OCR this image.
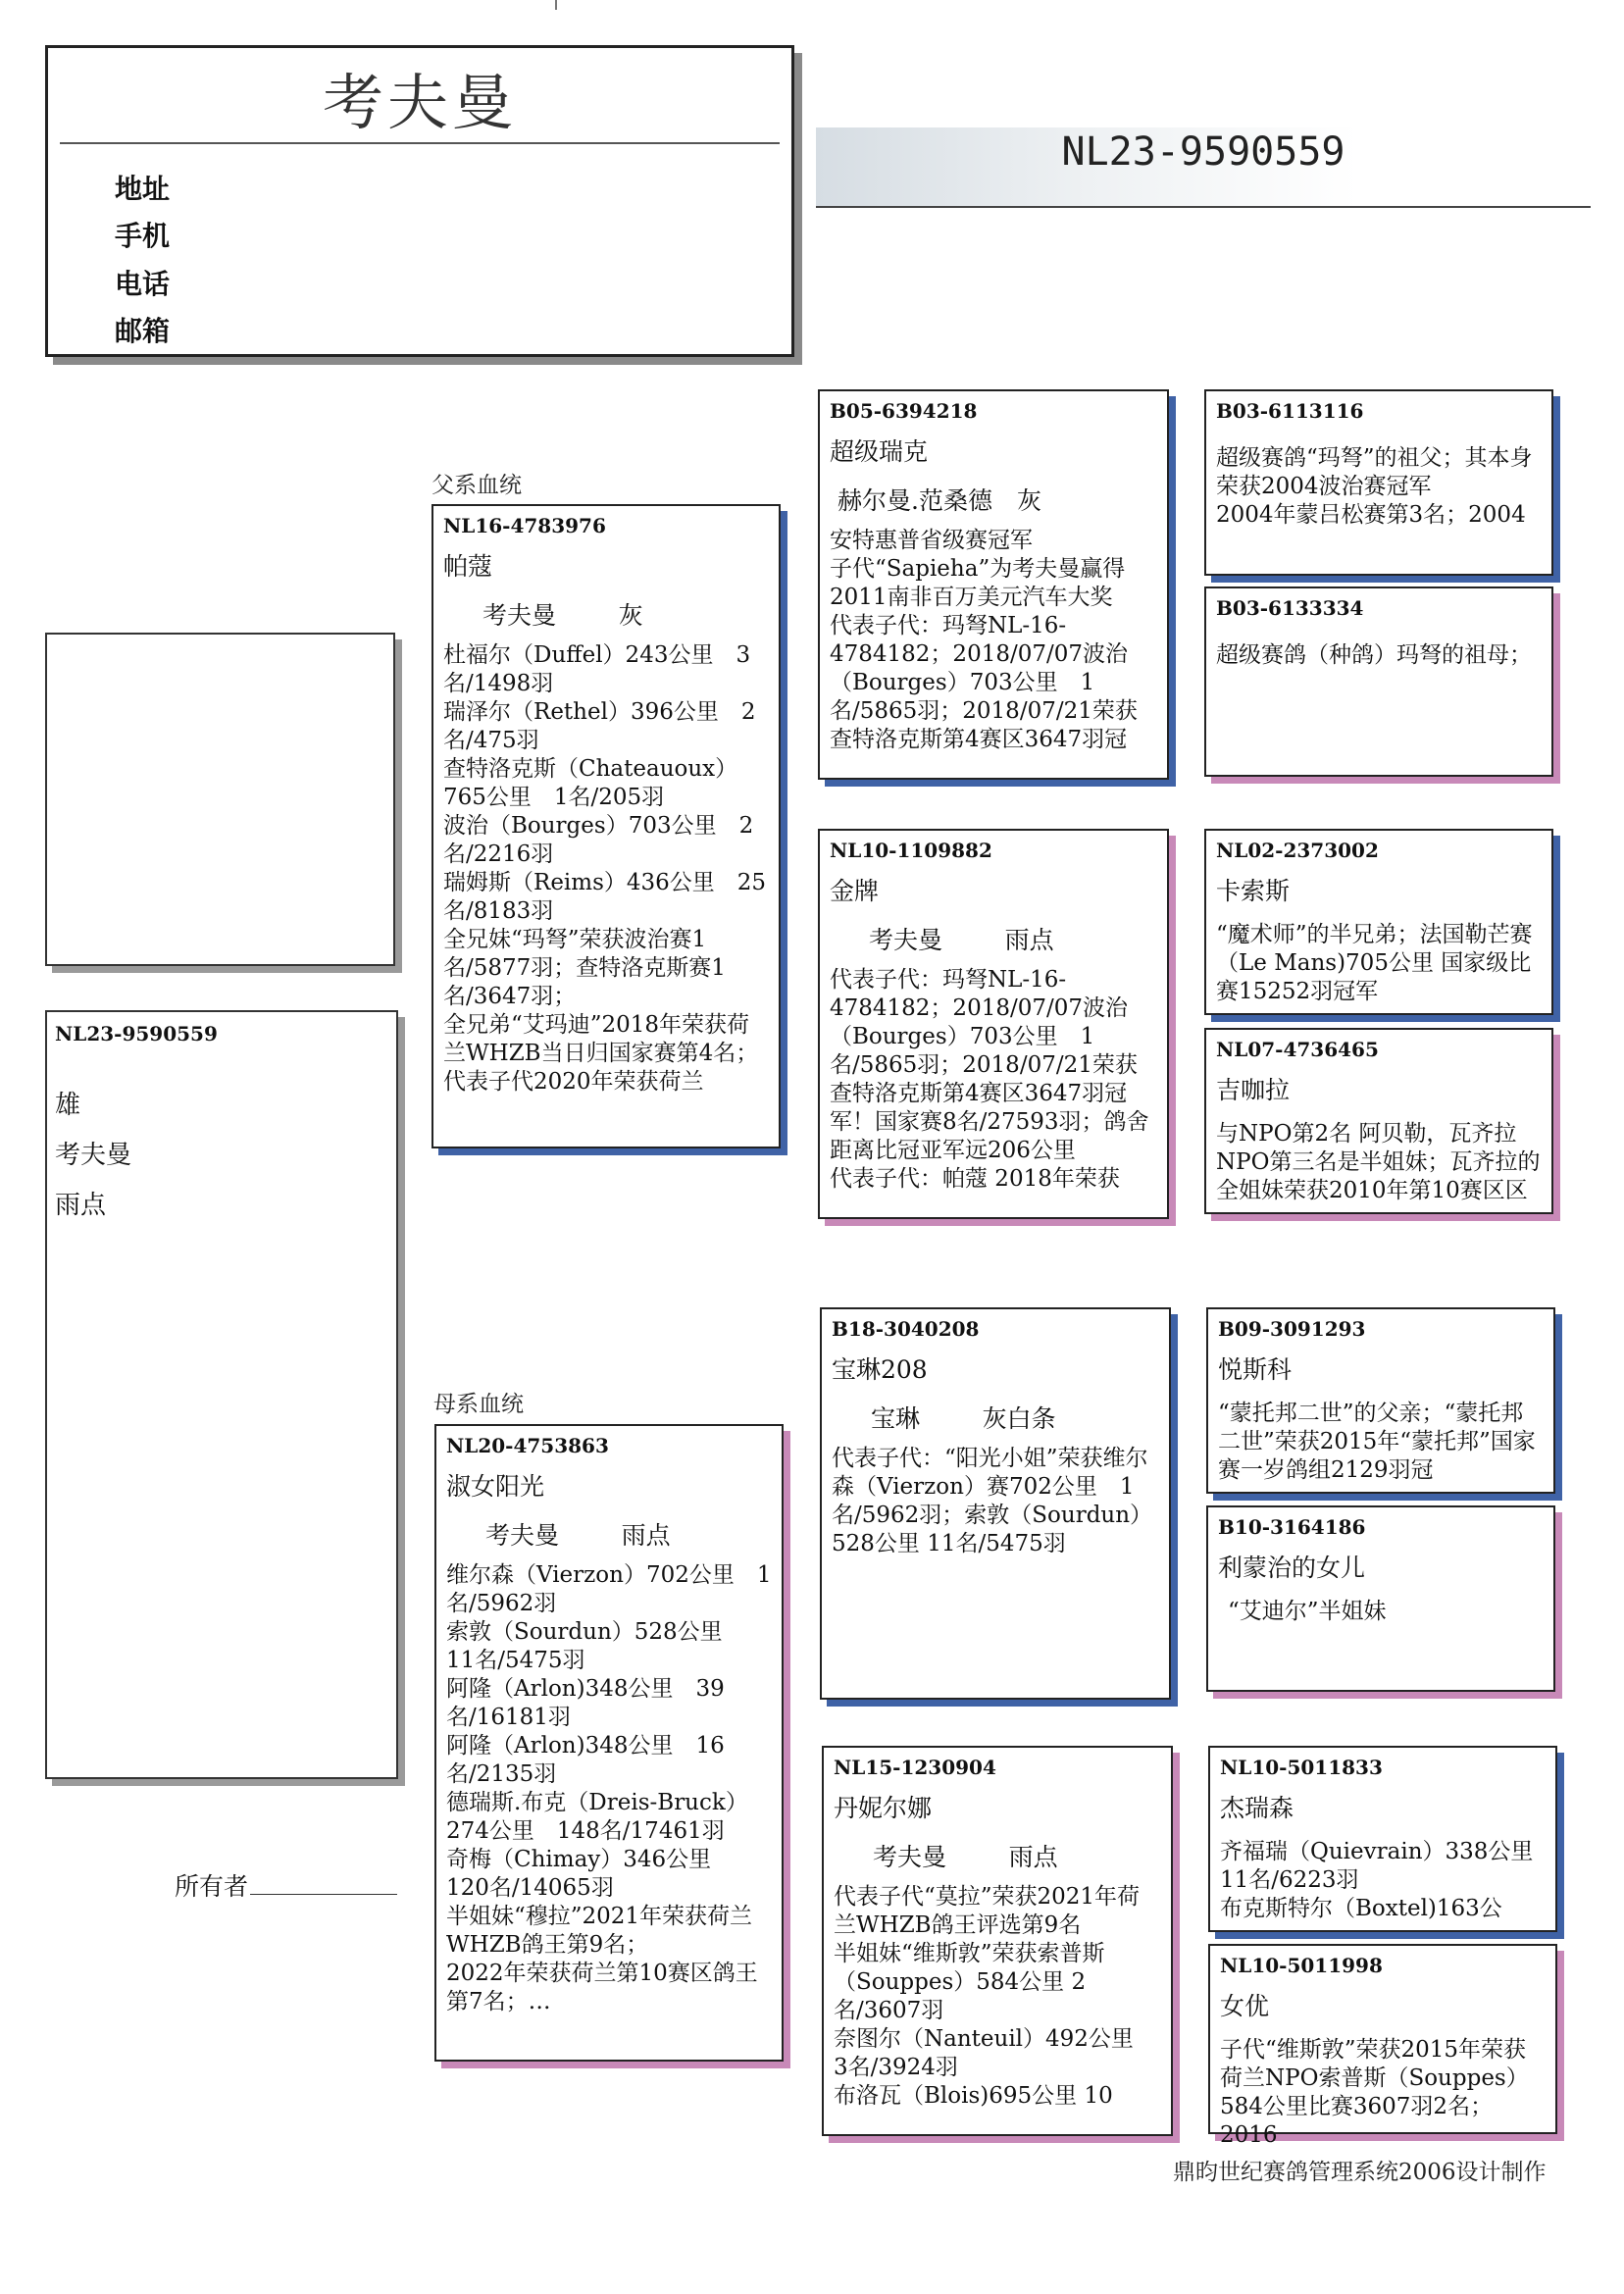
考夫曼
地址
手机
电话
邮箱
NL23-9590559
NL23-9590559
雄
考夫曼
雨点
父系血统
母系血统
NL16-4783976
帕蔻
考夫曼        灰
杜福尔（Duffel）243公里　3名/1498羽
瑞泽尔（Rethel）396公里　2名/475羽
查特洛克斯（Chateauoux）765公里　1名/205羽
波治（Bourges）703公里　2名/2216羽
瑞姆斯（Reims）436公里　25名/8183羽
全兄妹“玛弩”荣获波治赛1名/5877羽；查特洛克斯赛1名/3647羽；
全兄弟“艾玛迪”2018年荣获荷兰WHZB当日归国家赛第4名；代表子代2020年荣获荷兰
NL20-4753863
淑女阳光
考夫曼        雨点
维尔森（Vierzon）702公里　1名/5962羽
索敦（Sourdun）528公里　11名/5475羽
阿隆（Arlon)348公里　39名/16181羽
阿隆（Arlon)348公里　16名/2135羽
德瑞斯.布克（Dreis-Bruck）274公里　148名/17461羽
奇梅（Chimay）346公里　120名/14065羽
半姐妹“穆拉”2021年荣获荷兰WHZB鸽王第9名；
2022年荣获荷兰第10赛区鸽王第7名；…
B05-6394218
超级瑞克
赫尔曼.范桑德　灰
安特惠普省级赛冠军
子代“Sapieha”为考夫曼赢得2011南非百万美元汽车大奖
代表子代：玛弩NL-16-4784182；2018/07/07波治（Bourges）703公里　1名/5865羽；2018/07/21荣获查特洛克斯第4赛区3647羽冠
NL10-1109882
金牌
考夫曼        雨点
代表子代：玛弩NL-16-4784182；2018/07/07波治（Bourges）703公里　1名/5865羽；2018/07/21荣获查特洛克斯第4赛区3647羽冠军！国家赛8名/27593羽；鸽舍距离比冠亚军远206公里
代表子代：帕蔻 2018年荣获
B18-3040208
宝琳208
宝琳        灰白条
代表子代：“阳光小姐”荣获维尔森（Vierzon）赛702公里　1名/5962羽；索敦（Sourdun）528公里 11名/5475羽
NL15-1230904
丹妮尔娜
考夫曼        雨点
代表子代“莫拉”荣获2021年荷兰WHZB鸽王评选第9名
半姐妹“维斯敦”荣获索普斯（Souppes）584公里 2名/3607羽
奈图尔（Nanteuil）492公里　3名/3924羽
布洛瓦（Blois)695公里 10
B03-6113116
超级赛鸽“玛弩”的祖父；其本身荣获2004波治赛冠军
2004年蒙吕松赛第3名；2004
B03-6133334
超级赛鸽（种鸽）玛弩的祖母；
NL02-2373002
卡索斯
“魔术师”的半兄弟；法国勒芒赛（Le Mans)705公里 国家级比赛15252羽冠军
NL07-4736465
吉咖拉
与NPO第2名 阿贝勒，瓦齐拉NPO第三名是半姐妹；瓦齐拉的全姐妹荣获2010年第10赛区区
B09-3091293
悦斯科
“蒙托邦二世”的父亲；“蒙托邦二世”荣获2015年“蒙托邦”国家赛一岁鸽组2129羽冠
B10-3164186
利蒙治的女儿
“艾迪尔”半姐妹
NL10-5011833
杰瑞森
齐福瑞（Quievrain）338公里　11名/6223羽
布克斯特尔（Boxtel)163公
NL10-5011998
女优
子代“维斯敦”荣获2015年荣获荷兰NPO索普斯（Souppes）584公里比赛3607羽2名；2016
所有者
鼎昀世纪赛鸽管理系统2006设计制作
